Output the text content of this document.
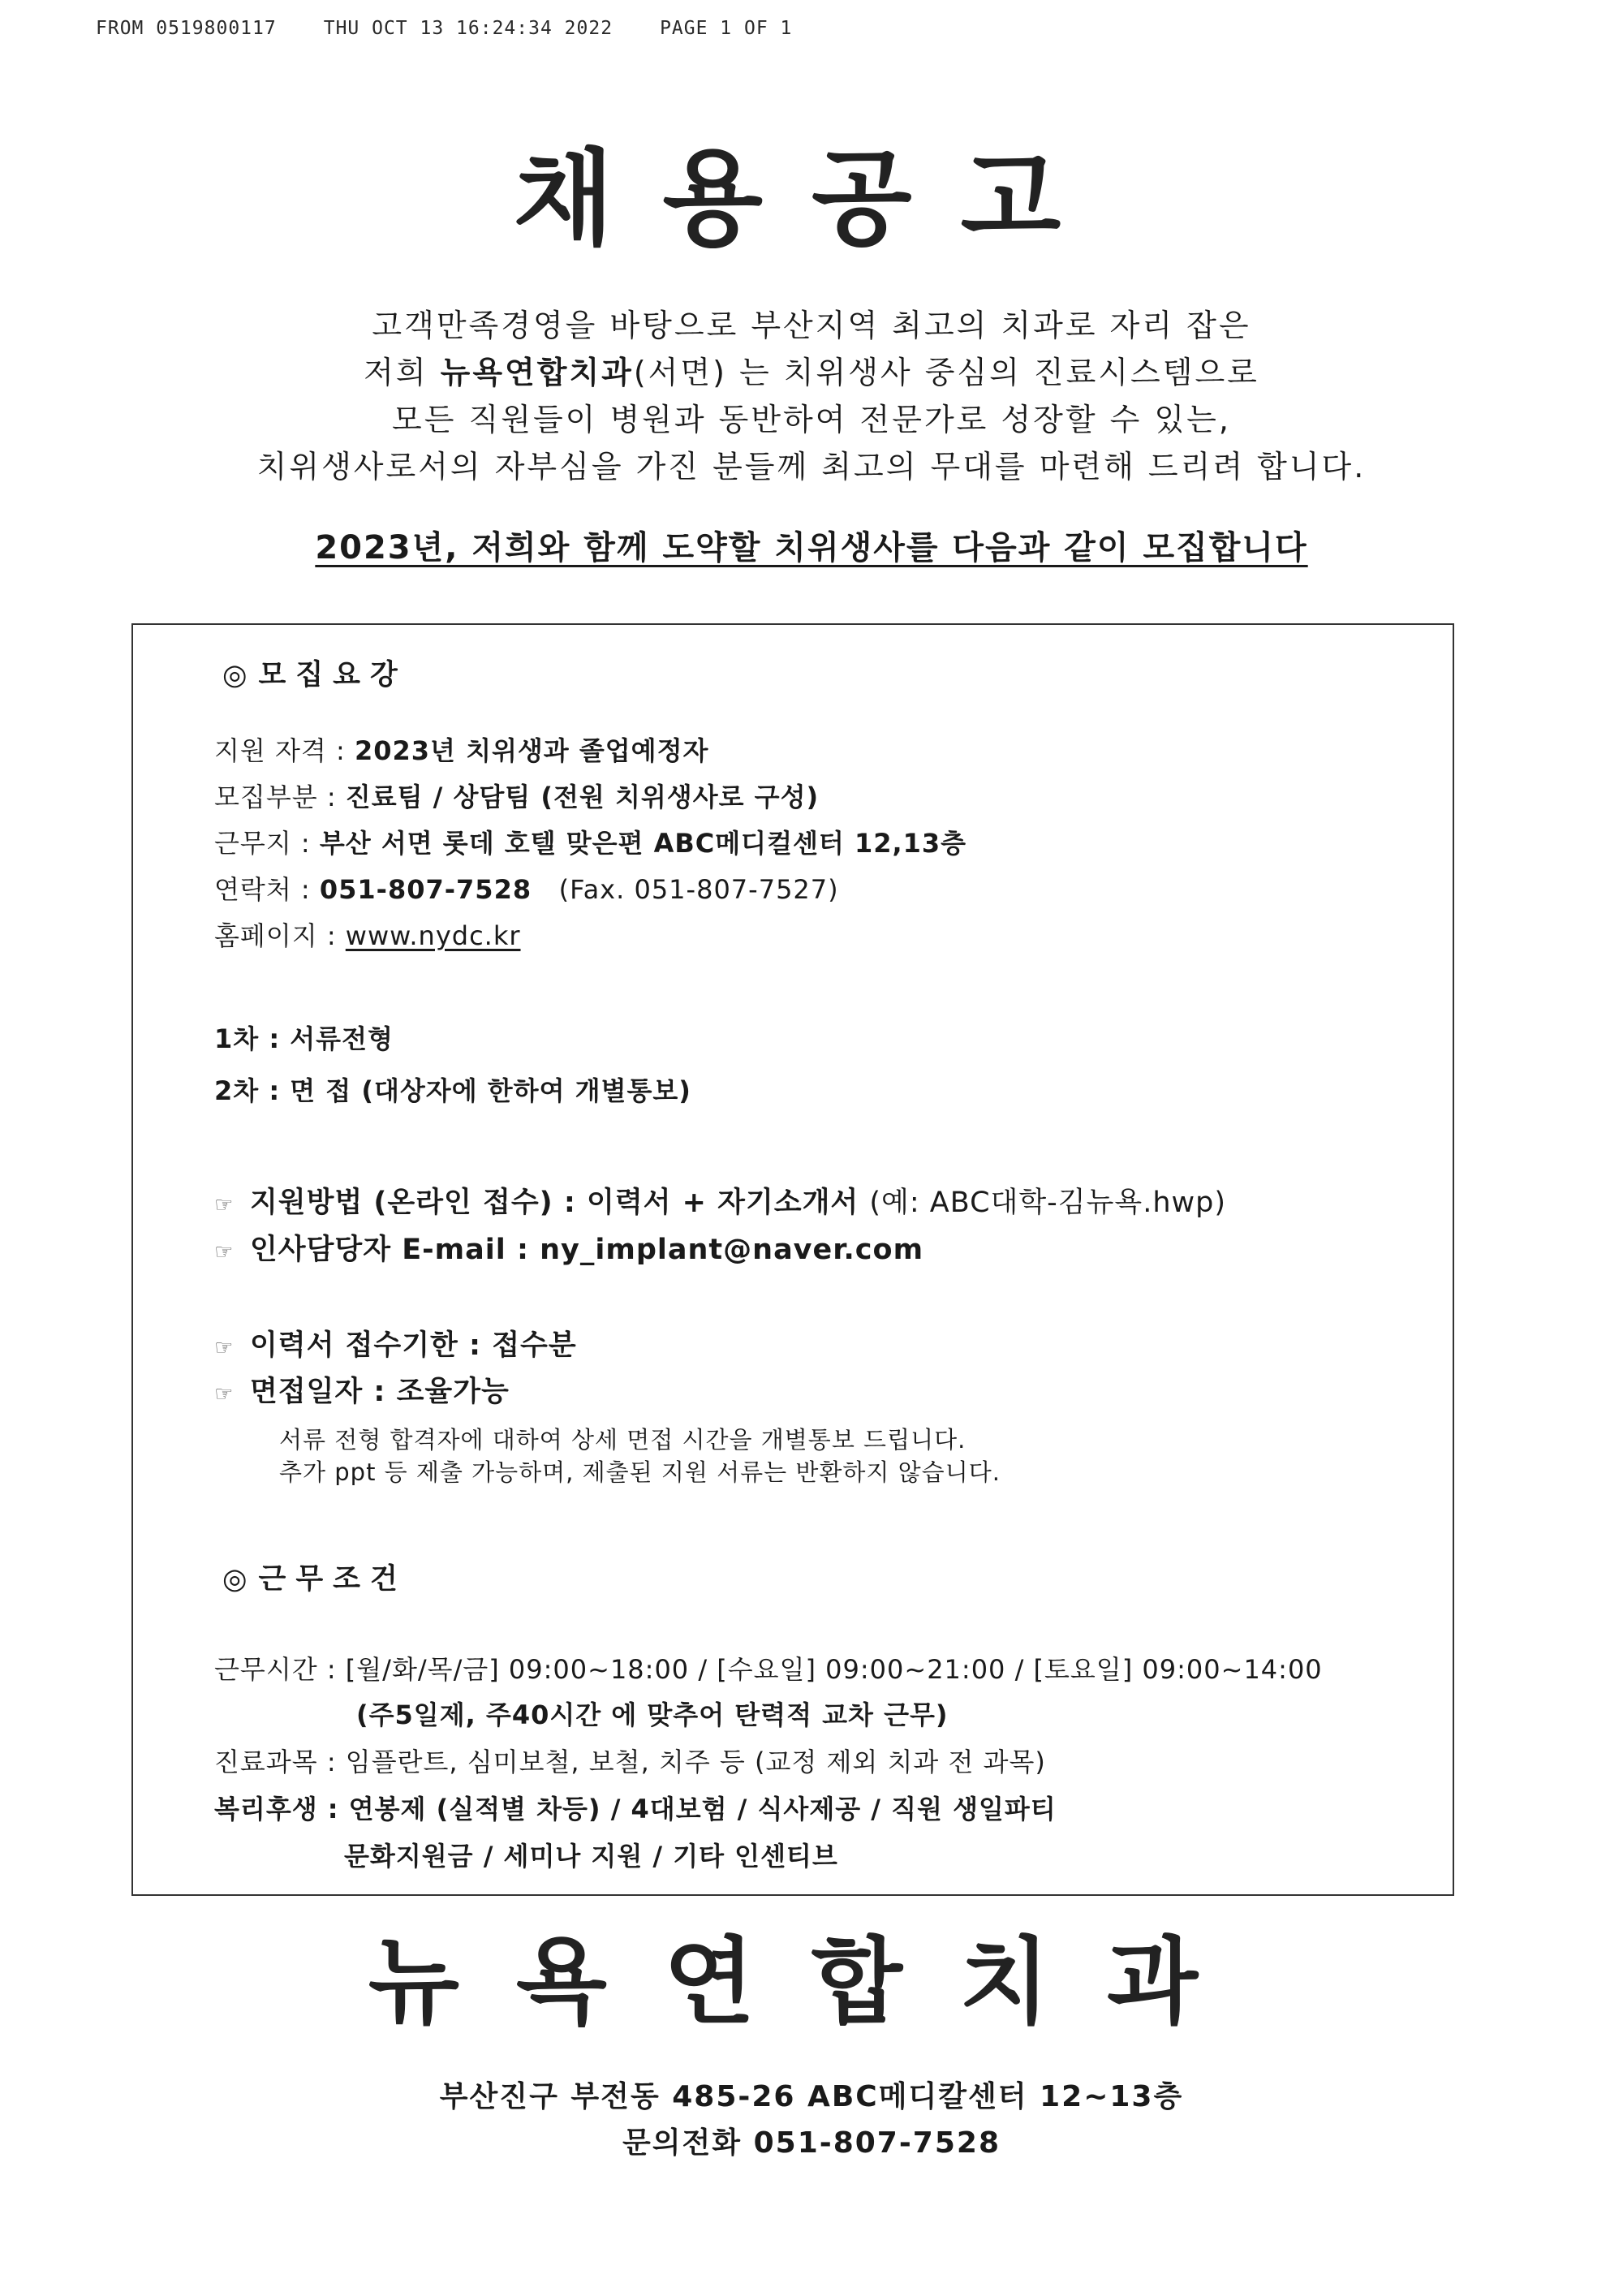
FROM 0519800117	THU OCT 13 16:24:34 2022	PAGE 1 OF 1
채용공고

고객만족경영을 바탕으로 부산지역 최고의 치과로 자리 잡은

저희 뉴욕연합치과(서면) 는 치위생사 중심의 진료시스템으로

모든 직원들이 병원과 동반하여 전문가로 성장할 수 있는,

치위생사로서의 자부심을 가진 분들께 최고의 무대를 마련해 드리려 합니다.

2023년, 저희와 함께 도약할 치위생사를 다음과 같이 모집합니다
◎ 모집요강
지원 자격 : 2023년 치위생과 졸업예정자
모집부분 : 진료팀 / 상담팀 (전원 치위생사로 구성)
근무지 : 부산 서면 롯데 호텔 맞은편 ABC메디컬센터 12,13층
연락처 : 051-807-7528 (Fax. 051-807-7527)
홈페이지 : www.nydc.kr
1차 : 서류전형
2차 : 면 접 (대상자에 한하여 개별통보)
☞ 지원방법 (온라인 접수) : 이력서 + 자기소개서 (예: ABC대학-김뉴욕.hwp)
☞ 인사담당자 E-mail : ny_implant@naver.com
☞ 이력서 접수기한 : 접수분
☞ 면접일자 : 조율가능
서류 전형 합격자에 대하여 상세 면접 시간을 개별통보 드립니다.
추가 ppt 등 제출 가능하며, 제출된 지원 서류는 반환하지 않습니다.
◎ 근무조건
근무시간 : [월/화/목/금] 09:00~18:00 / [수요일] 09:00~21:00 / [토요일] 09:00~14:00
(주5일제, 주40시간 에 맞추어 탄력적 교차 근무)
진료과목 : 임플란트, 심미보철, 보철, 치주 등 (교정 제외 치과 전 과목)
복리후생 : 연봉제 (실적별 차등) / 4대보험 / 식사제공 / 직원 생일파티
문화지원금 / 세미나 지원 / 기타 인센티브
뉴욕연합치과
부산진구 부전동 485-26 ABC메디칼센터 12~13층
문의전화 051-807-7528
